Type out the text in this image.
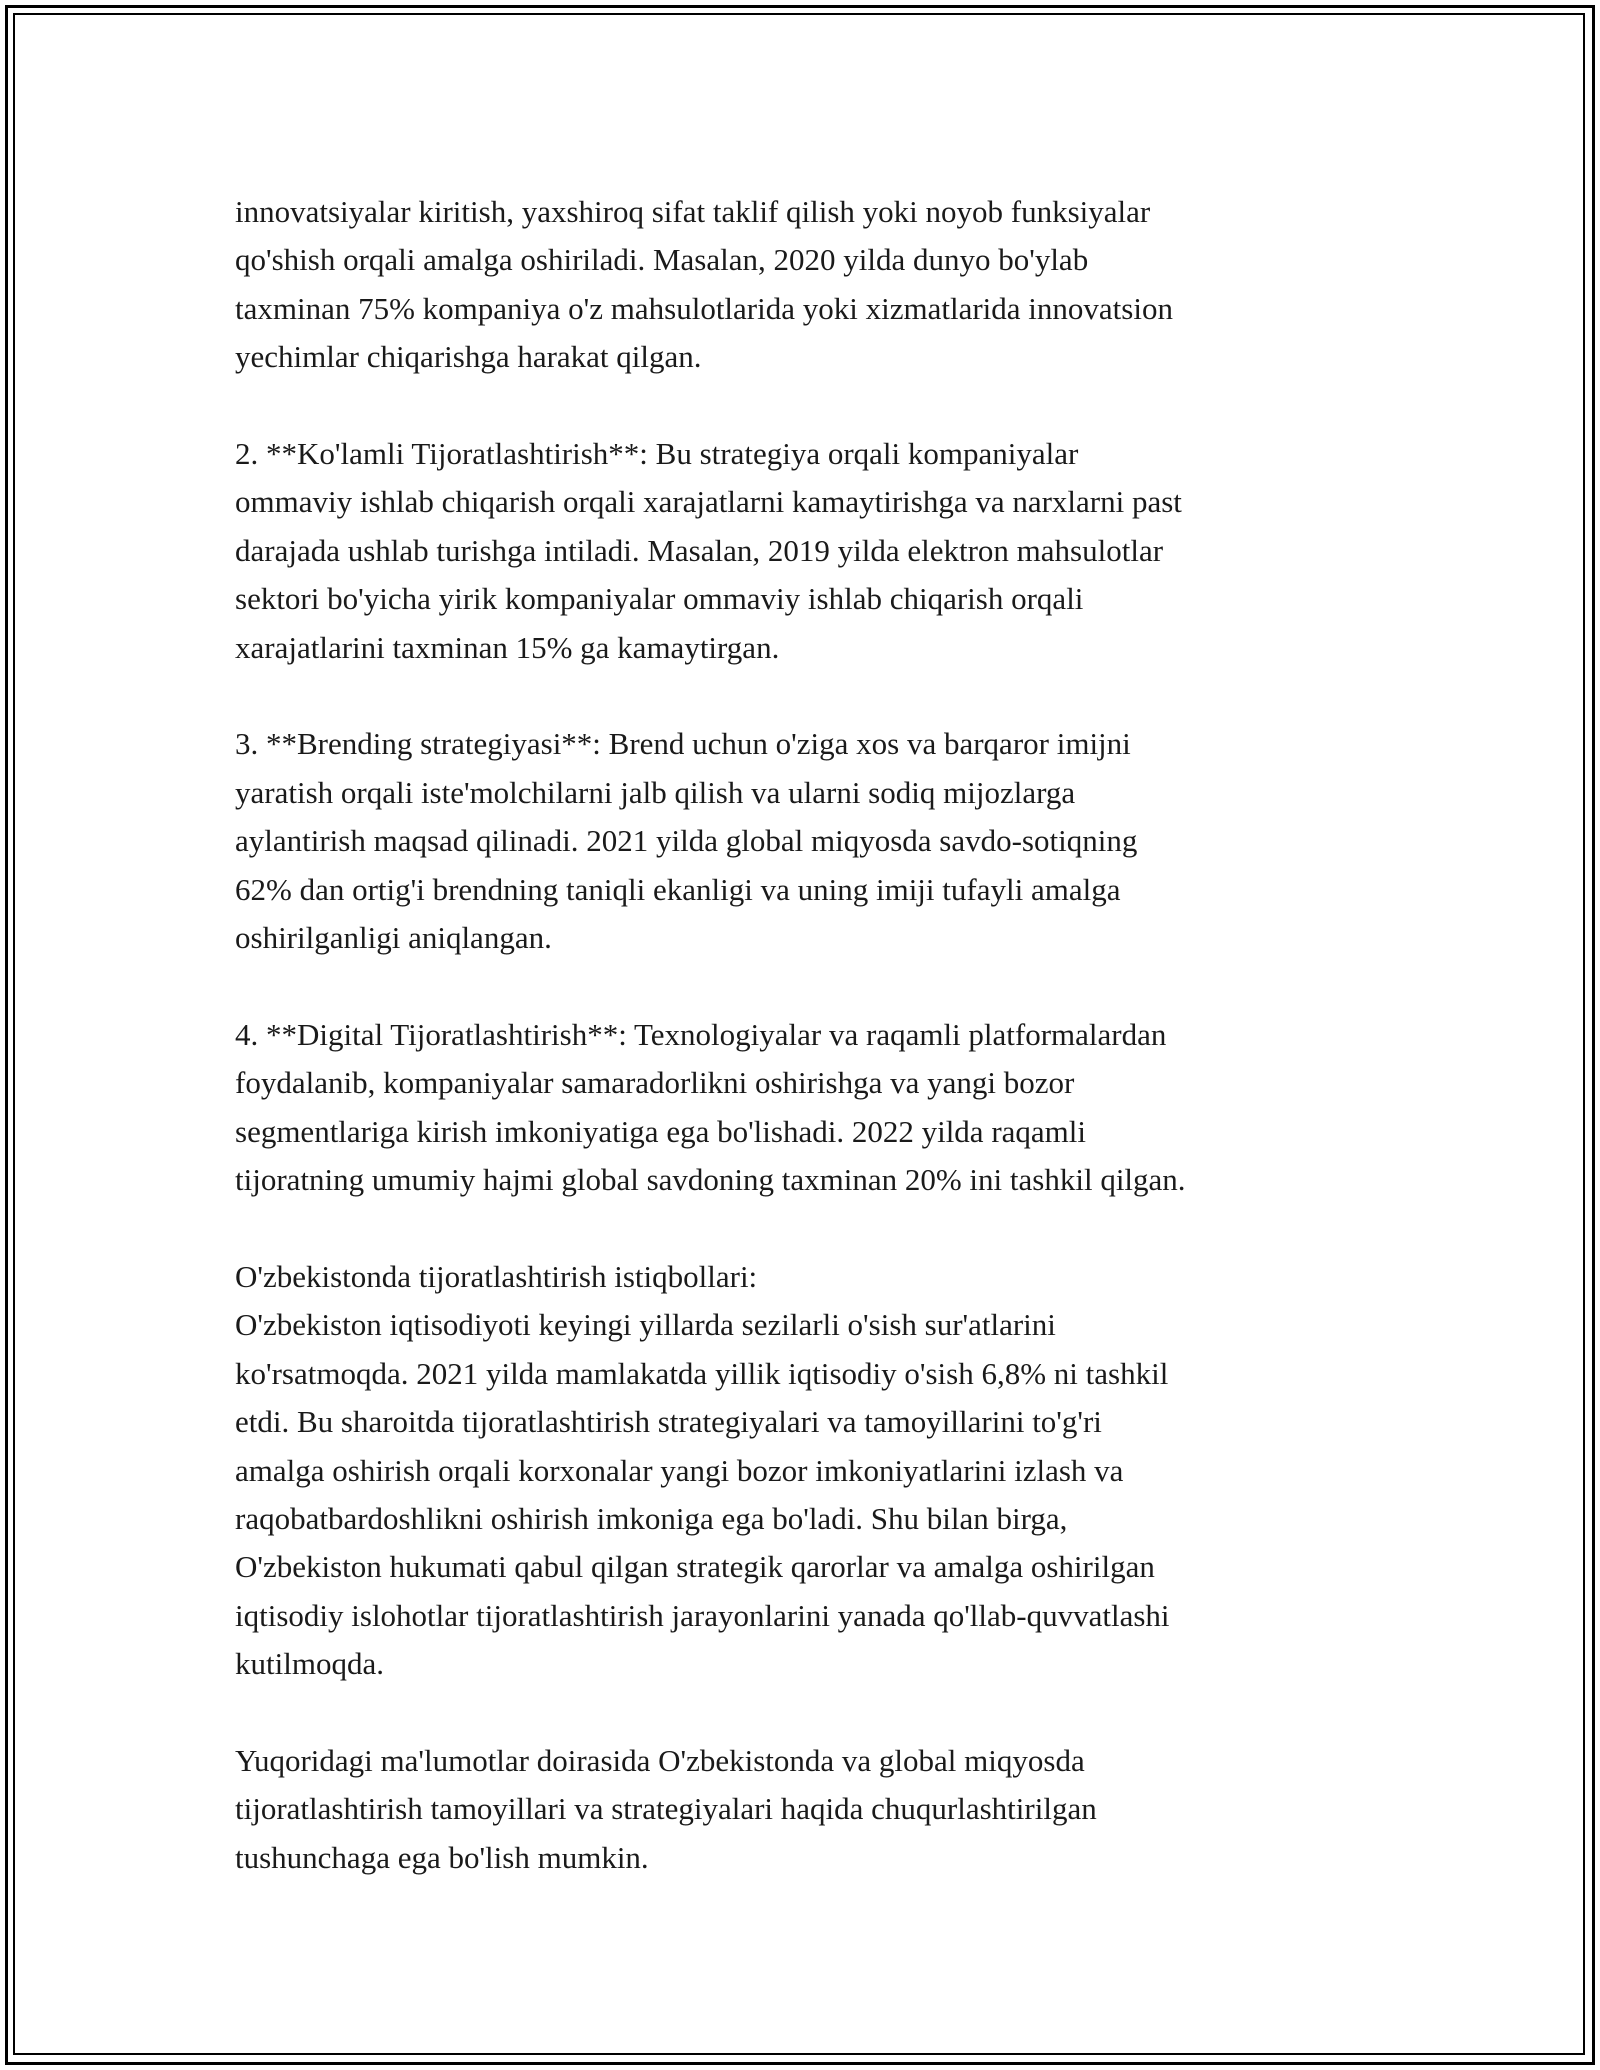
innovatsiyalar kiritish, yaxshiroq sifat taklif qilish yoki noyob funksiyalar
qo'shish orqali amalga oshiriladi. Masalan, 2020 yilda dunyo bo'ylab
taxminan 75% kompaniya o'z mahsulotlarida yoki xizmatlarida innovatsion
yechimlar chiqarishga harakat qilgan.

2. **Ko'lamli Tijoratlashtirish**: Bu strategiya orqali kompaniyalar
ommaviy ishlab chiqarish orqali xarajatlarni kamaytirishga va narxlarni past
darajada ushlab turishga intiladi. Masalan, 2019 yilda elektron mahsulotlar
sektori bo'yicha yirik kompaniyalar ommaviy ishlab chiqarish orqali
xarajatlarini taxminan 15% ga kamaytirgan.

3. **Brending strategiyasi**: Brend uchun o'ziga xos va barqaror imijni
yaratish orqali iste'molchilarni jalb qilish va ularni sodiq mijozlarga
aylantirish maqsad qilinadi. 2021 yilda global miqyosda savdo-sotiqning
62% dan ortig'i brendning taniqli ekanligi va uning imiji tufayli amalga
oshirilganligi aniqlangan.

4. **Digital Tijoratlashtirish**: Texnologiyalar va raqamli platformalardan
foydalanib, kompaniyalar samaradorlikni oshirishga va yangi bozor
segmentlariga kirish imkoniyatiga ega bo'lishadi. 2022 yilda raqamli
tijoratning umumiy hajmi global savdoning taxminan 20% ini tashkil qilgan.

O'zbekistonda tijoratlashtirish istiqbollari:
O'zbekiston iqtisodiyoti keyingi yillarda sezilarli o'sish sur'atlarini
ko'rsatmoqda. 2021 yilda mamlakatda yillik iqtisodiy o'sish 6,8% ni tashkil
etdi. Bu sharoitda tijoratlashtirish strategiyalari va tamoyillarini to'g'ri
amalga oshirish orqali korxonalar yangi bozor imkoniyatlarini izlash va
raqobatbardoshlikni oshirish imkoniga ega bo'ladi. Shu bilan birga,
O'zbekiston hukumati qabul qilgan strategik qarorlar va amalga oshirilgan
iqtisodiy islohotlar tijoratlashtirish jarayonlarini yanada qo'llab-quvvatlashi
kutilmoqda.

Yuqoridagi ma'lumotlar doirasida O'zbekistonda va global miqyosda
tijoratlashtirish tamoyillari va strategiyalari haqida chuqurlashtirilgan
tushunchaga ega bo'lish mumkin.
